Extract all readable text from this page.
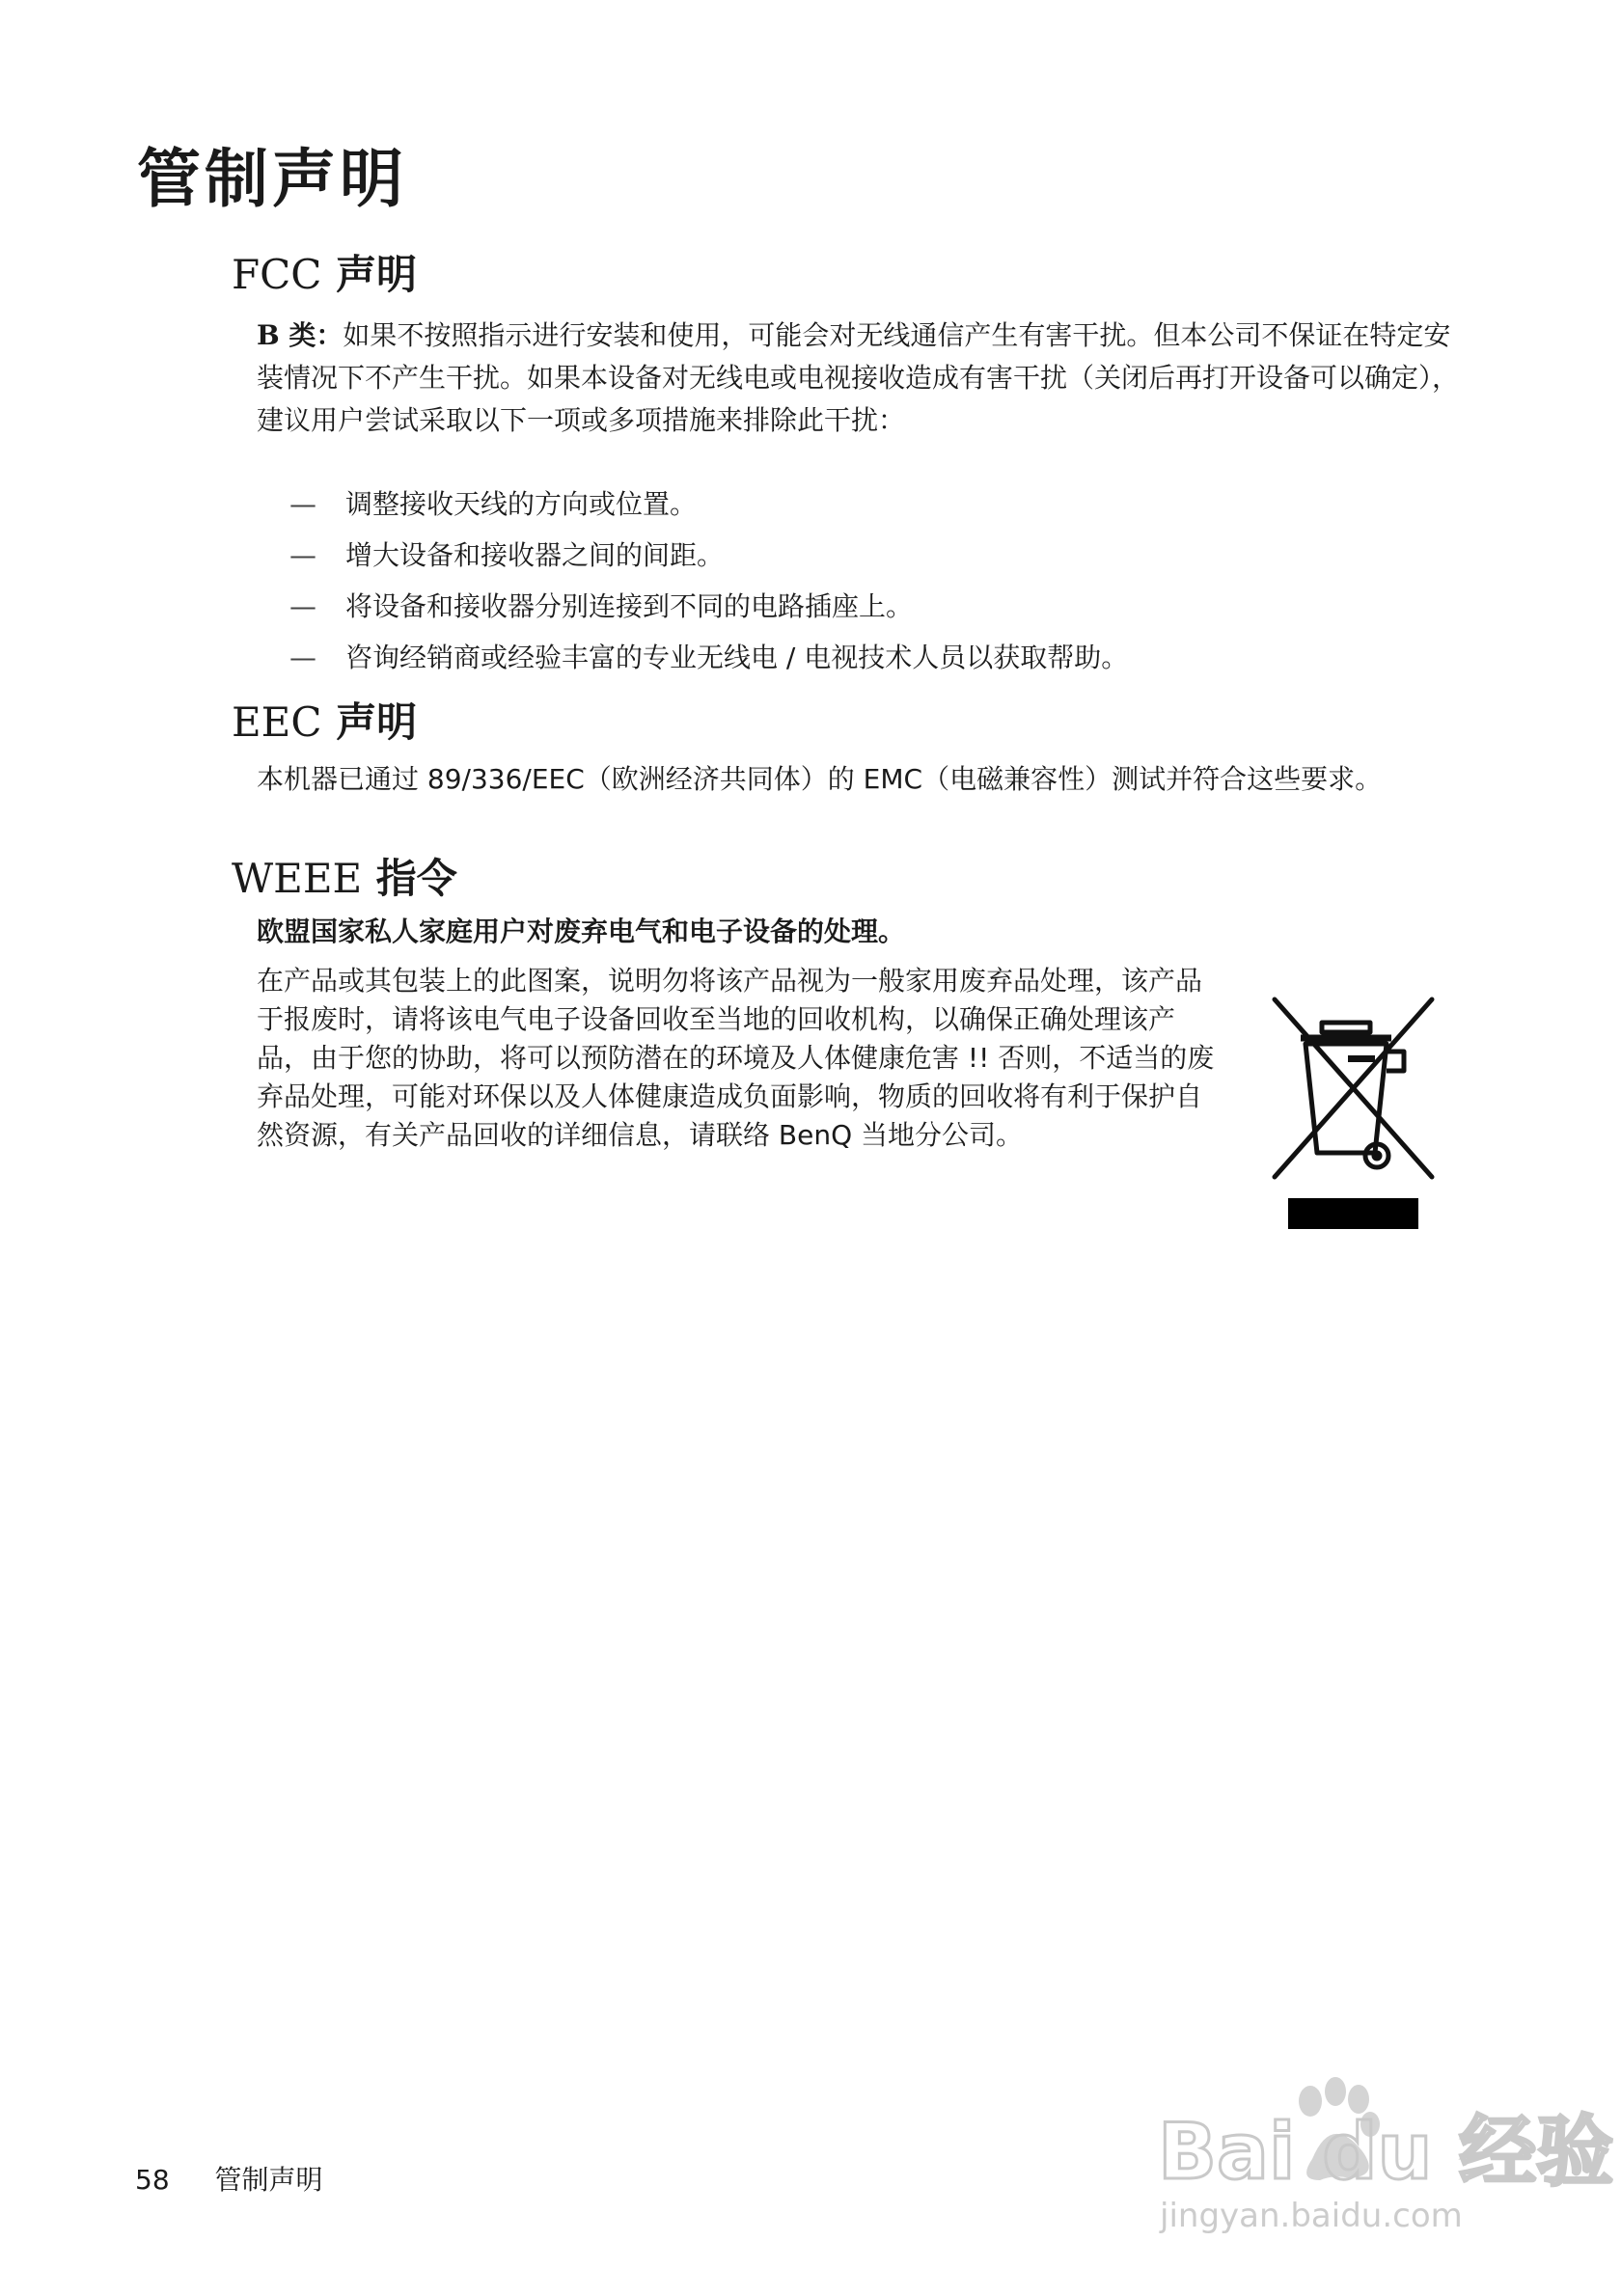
管制声明
FCC 声明

B 类：如果不按照指示进行安装和使用，可能会对无线通信产生有害干扰。但本公司不保证在特定安装情况下不产生干扰。如果本设备对无线电或电视接收造成有害干扰（关闭后再打开设备可以确定），建议用户尝试采取以下一项或多项措施来排除此干扰：

— 调整接收天线的方向或位置。
— 增大设备和接收器之间的间距。
— 将设备和接收器分别连接到不同的电路插座上。
— 咨询经销商或经验丰富的专业无线电 / 电视技术人员以获取帮助。
EEC 声明

本机器已通过 89/336/EEC（欧洲经济共同体）的 EMC（电磁兼容性）测试并符合这些要求。

WEEE 指令

欧盟国家私人家庭用户对废弃电气和电子设备的处理。

在产品或其包装上的此图案，说明勿将该产品视为一般家用废弃品处理，该产品于报废时，请将该电气电子设备回收至当地的回收机构，以确保正确处理该产品，由于您的协助，将可以预防潜在的环境及人体健康危害 !! 否则，不适当的废弃品处理，可能对环保以及人体健康造成负面影响，物质的回收将有利于保护自然资源，有关产品回收的详细信息，请联络 BenQ 当地分公司。

58 管制声明	Bai du 经验
jingyan.baidu.com
